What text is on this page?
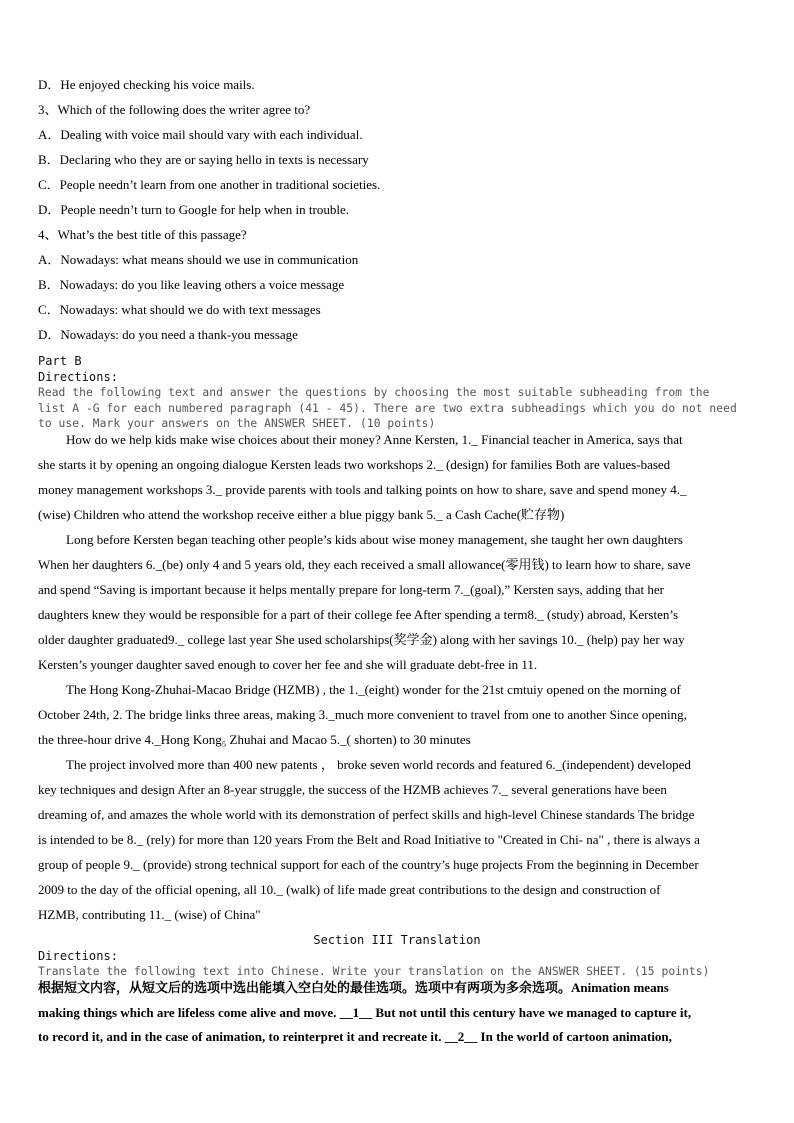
D．He enjoyed checking his voice mails.
3、Which of the following does the writer agree to?
A．Dealing with voice mail should vary with each individual.
B．Declaring who they are or saying hello in texts is necessary
C．People needn’t learn from one another in traditional societies.
D．People needn’t turn to Google for help when in trouble.
4、What’s the best title of this passage?
A．Nowadays: what means should we use in communication
B．Nowadays: do you like leaving others a voice message
C．Nowadays: what should we do with text messages
D．Nowadays: do you need a thank-you message
Part B
Directions:
Read the following text and answer the questions by choosing the most suitable subheading from the
list A -G for each numbered paragraph (41 - 45). There are two extra subheadings which you do not need
to use. Mark your answers on the ANSWER SHEET. (10 points)
How do we help kids make wise choices about their money? Anne Kersten, 1._ Financial teacher in America, says that
she starts it by opening an ongoing dialogue Kersten leads two workshops 2._ (design) for families Both are values-based
money management workshops 3._ provide parents with tools and talking points on how to share, save and spend money 4._
(wise) Children who attend the workshop receive either a blue piggy bank 5._ a Cash Cache(贮存物)
Long before Kersten began teaching other people’s kids about wise money management, she taught her own daughters
When her daughters 6._(be) only 4 and 5 years old, they each received a small allowance(零用钱) to learn how to share, save
and spend “Saving is important because it helps mentally prepare for long-term 7._(goal),” Kersten says, adding that her
daughters knew they would be responsible for a part of their college fee After spending a term8._ (study) abroad, Kersten’s
older daughter graduated9._ college last year She used scholarships(奖学金) along with her savings 10._ (help) pay her way
Kersten’s younger daughter saved enough to cover her fee and she will graduate debt-free in 11.
The Hong Kong-Zhuhai-Macao Bridge (HZMB) , the 1._(eight) wonder for the 21st cmtuiy opened on the morning of
October 24th, 2. The bridge links three areas, making 3._much more convenient to travel from one to another Since opening,
the three-hour drive 4._Hong Kong₅ Zhuhai and Macao 5._( shorten) to 30 minutes
The project involved more than 400 new patents ， broke seven world records and featured 6._(independent) developed
key techniques and design After an 8-year struggle, the success of the HZMB achieves 7._ several generations have been
dreaming of, and amazes the whole world with its demonstration of perfect skills and high-level Chinese standards The bridge
is intended to be 8._ (rely) for more than 120 years From the Belt and Road Initiative to "Created in Chi- na" , there is always a
group of people 9._ (provide) strong technical support for each of the country’s huge projects From the beginning in December
2009 to the day of the official opening, all 10._ (walk) of life made great contributions to the design and construction of
HZMB, contributing 11._ (wise) of China"
Section III Translation
Directions:
Translate the following text into Chinese. Write your translation on the ANSWER SHEET. (15 points)
根据短文内容，从短文后的选项中选出能填入空白处的最佳选项。选项中有两项为多余选项。Animation means
making things which are lifeless come alive and move. __1__ But not until this century have we managed to capture it,
to record it, and in the case of animation, to reinterpret it and recreate it. __2__ In the world of cartoon animation,
